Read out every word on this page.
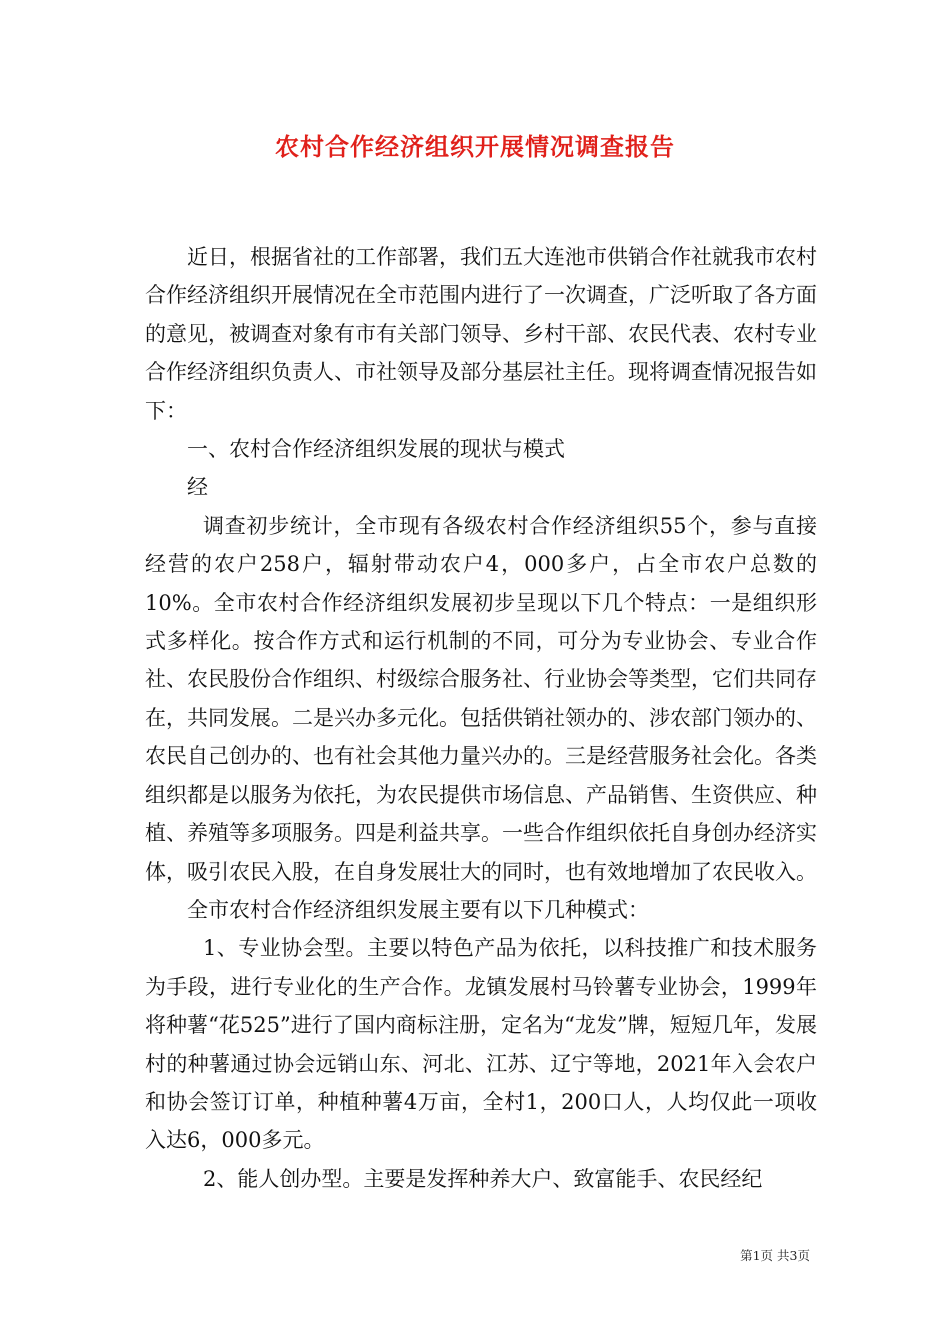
农村合作经济组织开展情况调查报告

近日，根据省社的工作部署，我们五大连池市供销合作社就我市农村合作经济组织开展情况在全市范围内进行了一次调查，广泛听取了各方面的意见，被调查对象有市有关部门领导、乡村干部、农民代表、农村专业合作经济组织负责人、市社领导及部分基层社主任。现将调查情况报告如下：

一、农村合作经济组织发展的现状与模式

经

调查初步统计，全市现有各级农村合作经济组织55个，参与直接经营的农户258户，辐射带动农户4，000多户，占全市农户总数的10%。全市农村合作经济组织发展初步呈现以下几个特点：一是组织形式多样化。按合作方式和运行机制的不同，可分为专业协会、专业合作社、农民股份合作组织、村级综合服务社、行业协会等类型，它们共同存在，共同发展。二是兴办多元化。包括供销社领办的、涉农部门领办的、农民自己创办的、也有社会其他力量兴办的。三是经营服务社会化。各类组织都是以服务为依托，为农民提供市场信息、产品销售、生资供应、种植、养殖等多项服务。四是利益共享。一些合作组织依托自身创办经济实体，吸引农民入股，在自身发展壮大的同时，也有效地增加了农民收入。

全市农村合作经济组织发展主要有以下几种模式：

1、专业协会型。主要以特色产品为依托，以科技推广和技术服务为手段，进行专业化的生产合作。龙镇发展村马铃薯专业协会，1999年将种薯“花525”进行了国内商标注册，定名为“龙发”牌，短短几年，发展村的种薯通过协会远销山东、河北、江苏、辽宁等地，2021年入会农户和协会签订订单，种植种薯4万亩，全村1，200口人，人均仅此一项收入达6，000多元。

2、能人创办型。主要是发挥种养大户、致富能手、农民经纪

第1页 共3页
